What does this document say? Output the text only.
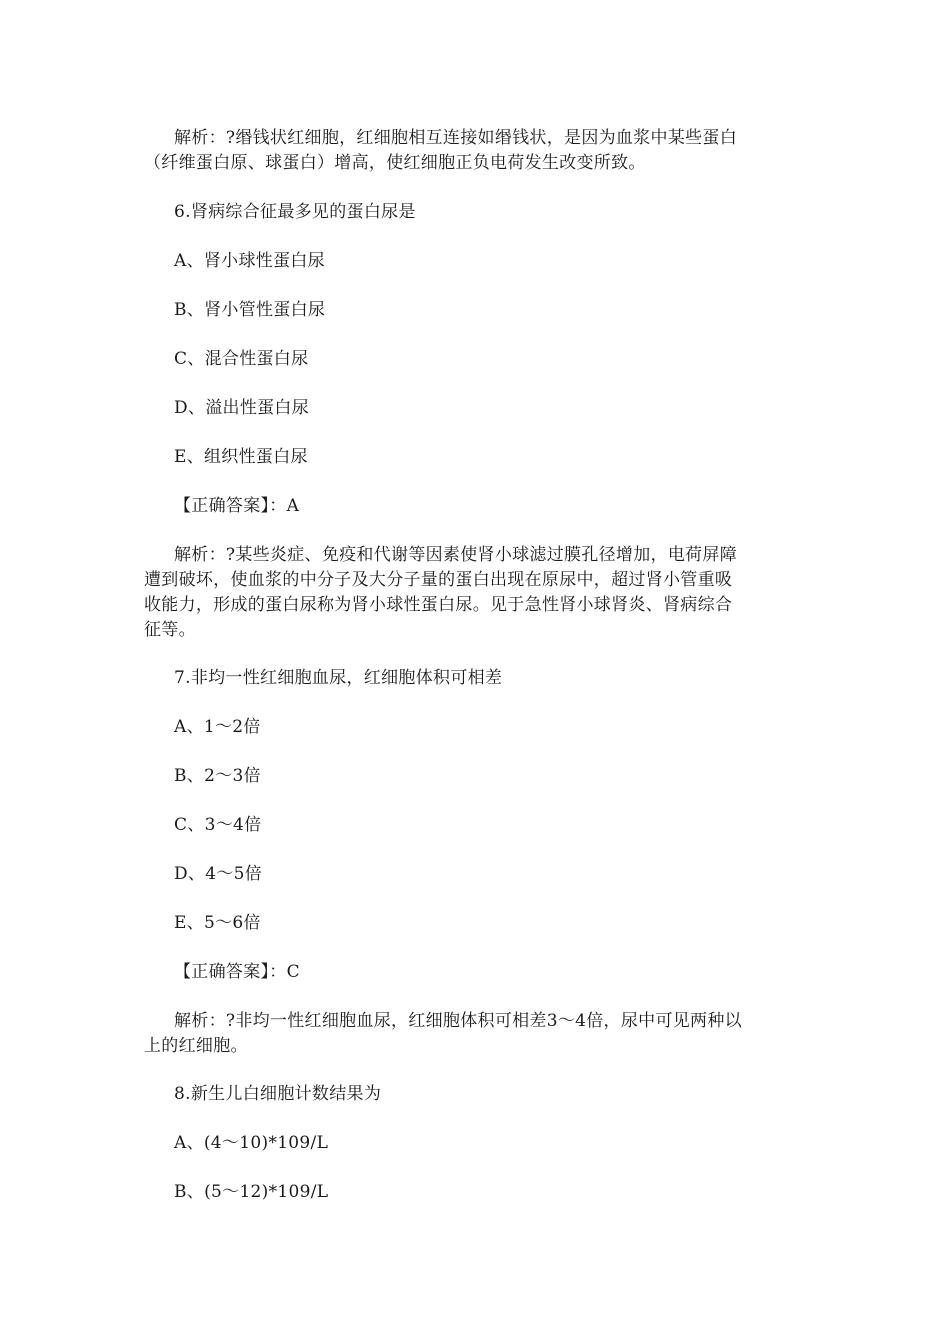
解析：?缗钱状红细胞，红细胞相互连接如缗钱状，是因为血浆中某些蛋白
（纤维蛋白原、球蛋白）增高，使红细胞正负电荷发生改变所致。
6.肾病综合征最多见的蛋白尿是
A、肾小球性蛋白尿
B、肾小管性蛋白尿
C、混合性蛋白尿
D、溢出性蛋白尿
E、组织性蛋白尿
【正确答案】：A
解析：?某些炎症、免疫和代谢等因素使肾小球滤过膜孔径增加，电荷屏障
遭到破坏，使血浆的中分子及大分子量的蛋白出现在原尿中，超过肾小管重吸
收能力，形成的蛋白尿称为肾小球性蛋白尿。见于急性肾小球肾炎、肾病综合
征等。
7.非均一性红细胞血尿，红细胞体积可相差
A、1～2倍
B、2～3倍
C、3～4倍
D、4～5倍
E、5～6倍
【正确答案】：C
解析：?非均一性红细胞血尿，红细胞体积可相差3～4倍，尿中可见两种以
上的红细胞。
8.新生儿白细胞计数结果为
A、(4～10)*109/L
B、(5～12)*109/L
